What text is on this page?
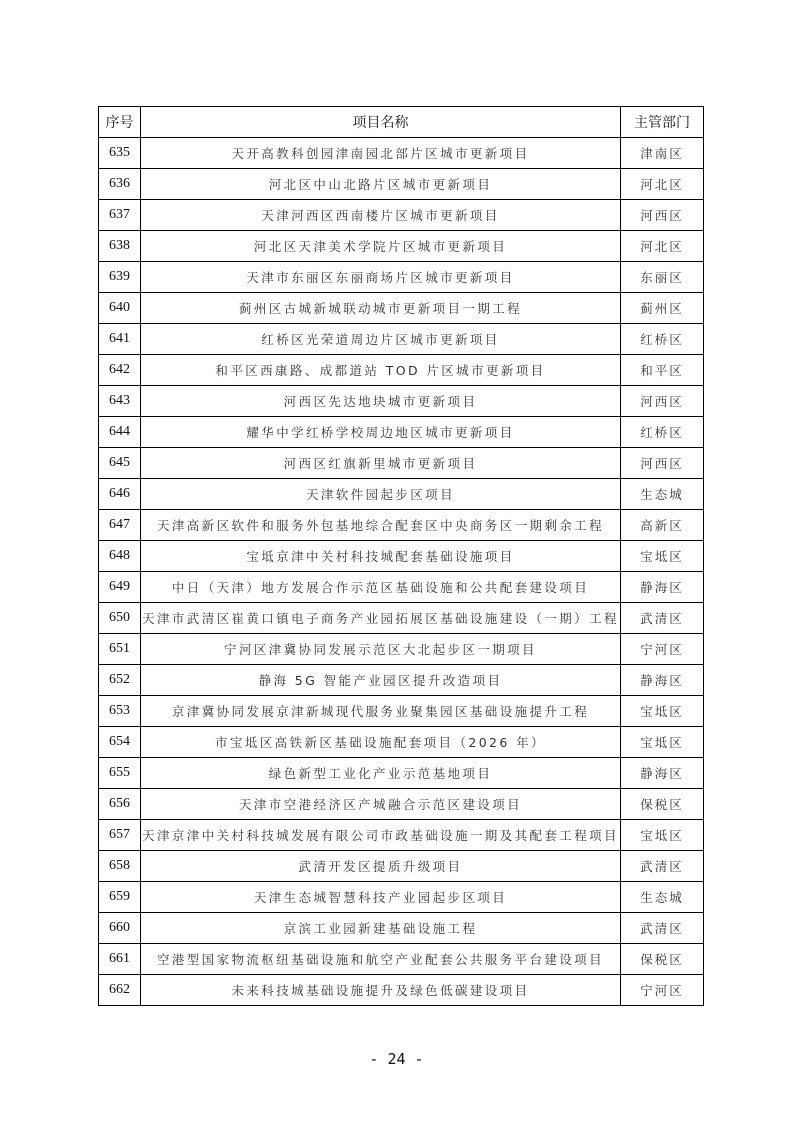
序号	项目名称	主管部门
635	天开高教科创园津南园北部片区城市更新项目	津南区
636	河北区中山北路片区城市更新项目	河北区
637	天津河西区西南楼片区城市更新项目	河西区
638	河北区天津美术学院片区城市更新项目	河北区
639	天津市东丽区东丽商场片区城市更新项目	东丽区
640	蓟州区古城新城联动城市更新项目一期工程	蓟州区
641	红桥区光荣道周边片区城市更新项目	红桥区
642	和平区西康路、成都道站 TOD 片区城市更新项目	和平区
643	河西区先达地块城市更新项目	河西区
644	耀华中学红桥学校周边地区城市更新项目	红桥区
645	河西区红旗新里城市更新项目	河西区
646	天津软件园起步区项目	生态城
647	天津高新区软件和服务外包基地综合配套区中央商务区一期剩余工程	高新区
648	宝坻京津中关村科技城配套基础设施项目	宝坻区
649	中日（天津）地方发展合作示范区基础设施和公共配套建设项目	静海区
650	天津市武清区崔黄口镇电子商务产业园拓展区基础设施建设（一期）工程	武清区
651	宁河区津冀协同发展示范区大北起步区一期项目	宁河区
652	静海 5G 智能产业园区提升改造项目	静海区
653	京津冀协同发展京津新城现代服务业聚集园区基础设施提升工程	宝坻区
654	市宝坻区高铁新区基础设施配套项目（2026 年）	宝坻区
655	绿色新型工业化产业示范基地项目	静海区
656	天津市空港经济区产城融合示范区建设项目	保税区
657	天津京津中关村科技城发展有限公司市政基础设施一期及其配套工程项目	宝坻区
658	武清开发区提质升级项目	武清区
659	天津生态城智慧科技产业园起步区项目	生态城
660	京滨工业园新建基础设施工程	武清区
661	空港型国家物流枢纽基础设施和航空产业配套公共服务平台建设项目	保税区
662	未来科技城基础设施提升及绿色低碳建设项目	宁河区
- 24 -
